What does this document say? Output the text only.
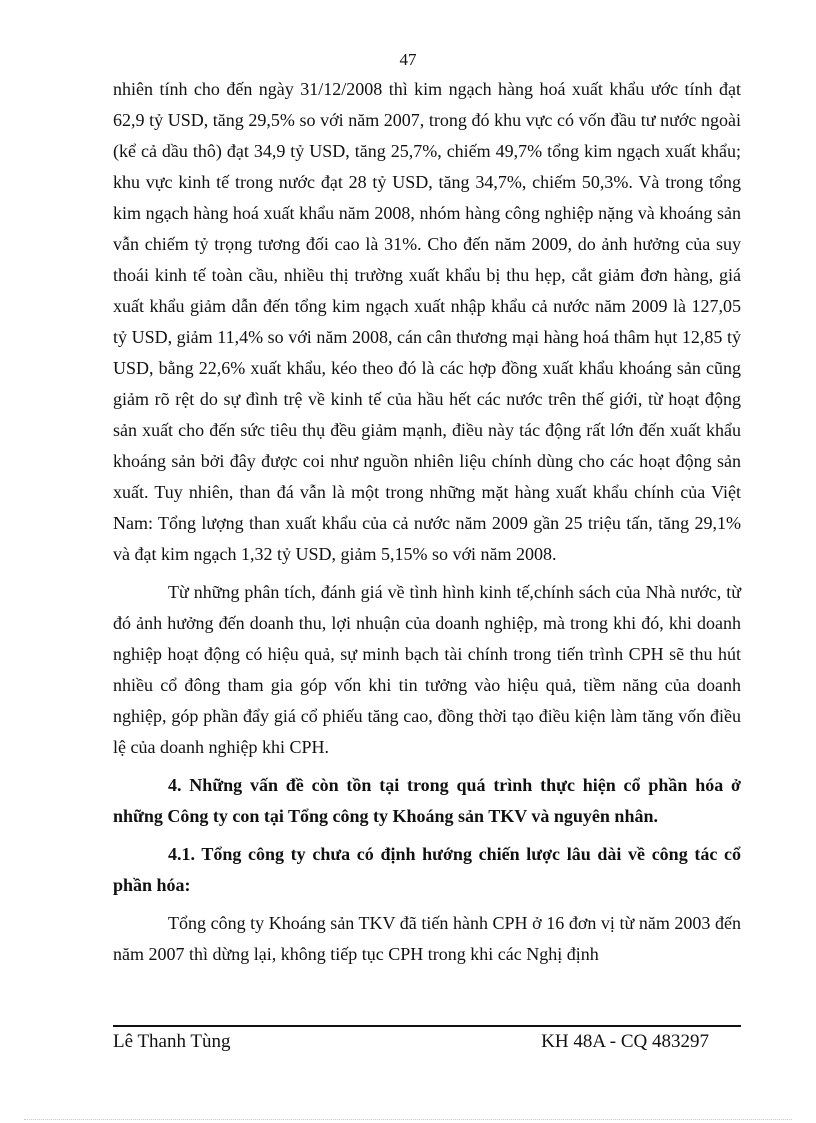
47

nhiên tính cho đến ngày 31/12/2008 thì kim ngạch hàng hoá xuất khẩu ước tính đạt 62,9 tỷ USD, tăng 29,5% so với năm 2007, trong đó khu vực có vốn đầu tư nước ngoài (kể cả dầu thô) đạt 34,9 tỷ USD, tăng 25,7%, chiếm 49,7% tổng kim ngạch xuất khẩu; khu vực kinh tế trong nước đạt 28 tỷ USD, tăng 34,7%, chiếm 50,3%. Và trong tổng kim ngạch hàng hoá xuất khẩu năm 2008, nhóm hàng công nghiệp nặng và khoáng sản vẫn chiếm tỷ trọng tương đối cao là 31%. Cho đến năm 2009, do ảnh hưởng của suy thoái kinh tế toàn cầu, nhiều thị trường xuất khẩu bị thu hẹp, cắt giảm đơn hàng, giá xuất khẩu giảm dẫn đến tổng kim ngạch xuất nhập khẩu cả nước năm 2009 là 127,05 tỷ USD, giảm 11,4% so với năm 2008, cán cân thương mại hàng hoá thâm hụt 12,85 tỷ USD, bằng 22,6% xuất khẩu, kéo theo đó là các hợp đồng xuất khẩu khoáng sản cũng giảm rõ rệt do sự đình trệ về kinh tế của hầu hết các nước trên thế giới, từ hoạt động sản xuất cho đến sức tiêu thụ đều giảm mạnh, điều này tác động rất lớn đến xuất khẩu khoáng sản bởi đây được coi như nguồn nhiên liệu chính dùng cho các hoạt động sản xuất. Tuy nhiên, than đá vẫn là một trong những mặt hàng xuất khẩu chính của Việt Nam: Tổng lượng than xuất khẩu của cả nước năm 2009 gần 25 triệu tấn, tăng 29,1% và đạt kim ngạch 1,32 tỷ USD, giảm 5,15% so với năm 2008.

Từ những phân tích, đánh giá về tình hình kinh tế,chính sách của Nhà nước, từ đó ảnh hưởng đến doanh thu, lợi nhuận của doanh nghiệp, mà trong khi đó, khi doanh nghiệp hoạt động có hiệu quả, sự minh bạch tài chính trong tiến trình CPH sẽ thu hút nhiều cổ đông tham gia góp vốn khi tin tưởng vào hiệu quả, tiềm năng của doanh nghiệp, góp phần đẩy giá cổ phiếu tăng cao, đồng thời tạo điều kiện làm tăng vốn điều lệ của doanh nghiệp khi CPH.

4. Những vấn đề còn tồn tại trong quá trình thực hiện cổ phần hóa ở những Công ty con tại Tổng công ty Khoáng sản TKV và nguyên nhân.

4.1. Tổng công ty chưa có định hướng chiến lược lâu dài về công tác cổ phần hóa:

Tổng công ty Khoáng sản TKV đã tiến hành CPH ở 16 đơn vị từ năm 2003 đến năm 2007 thì dừng lại, không tiếp tục CPH trong khi các Nghị định

Lê Thanh Tùng	KH 48A - CQ 483297
